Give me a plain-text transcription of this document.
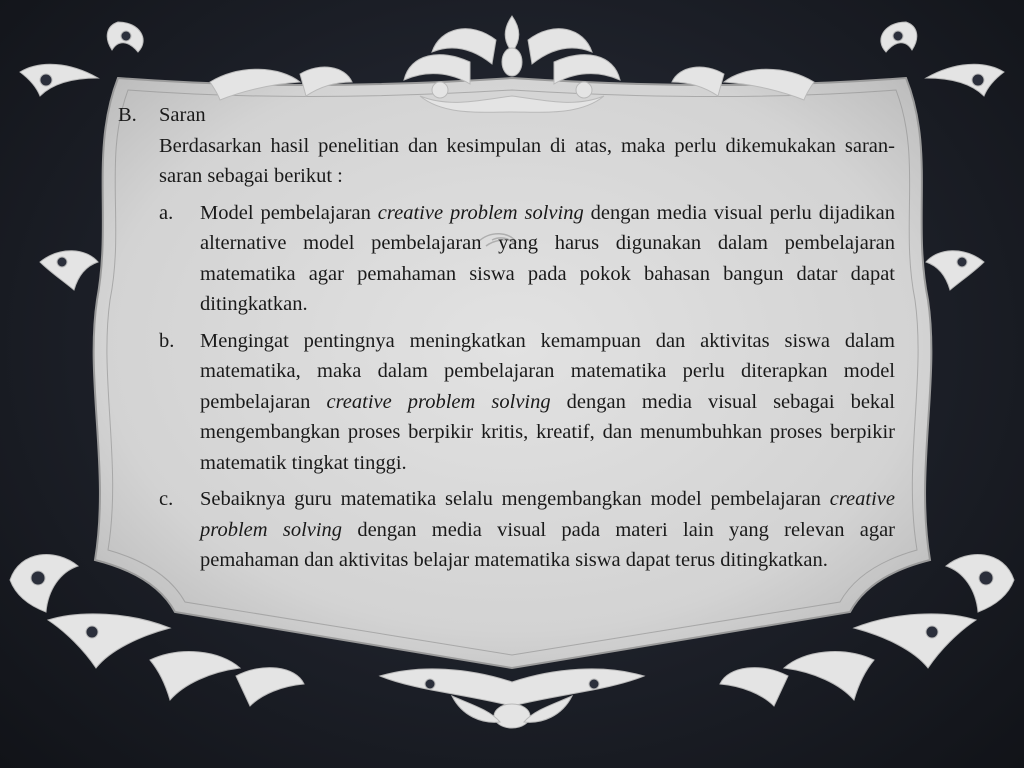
B.	Saran
Berdasarkan hasil penelitian dan kesimpulan di atas, maka perlu dikemukakan saran-saran sebagai berikut :
a.	Model pembelajaran creative problem solving dengan media visual perlu dijadikan alternative model pembelajaran yang harus digunakan dalam pembelajaran matematika agar pemahaman siswa pada pokok bahasan bangun datar dapat ditingkatkan.
b.	Mengingat pentingnya meningkatkan kemampuan dan aktivitas siswa dalam matematika, maka dalam pembelajaran matematika perlu diterapkan model pembelajaran creative problem solving dengan media visual sebagai bekal mengembangkan proses berpikir kritis, kreatif, dan menumbuhkan proses berpikir matematik tingkat tinggi.
c.	Sebaiknya guru matematika selalu mengembangkan model pembelajaran creative problem solving dengan media visual pada materi lain yang relevan agar pemahaman dan aktivitas belajar matematika siswa dapat terus ditingkatkan.
